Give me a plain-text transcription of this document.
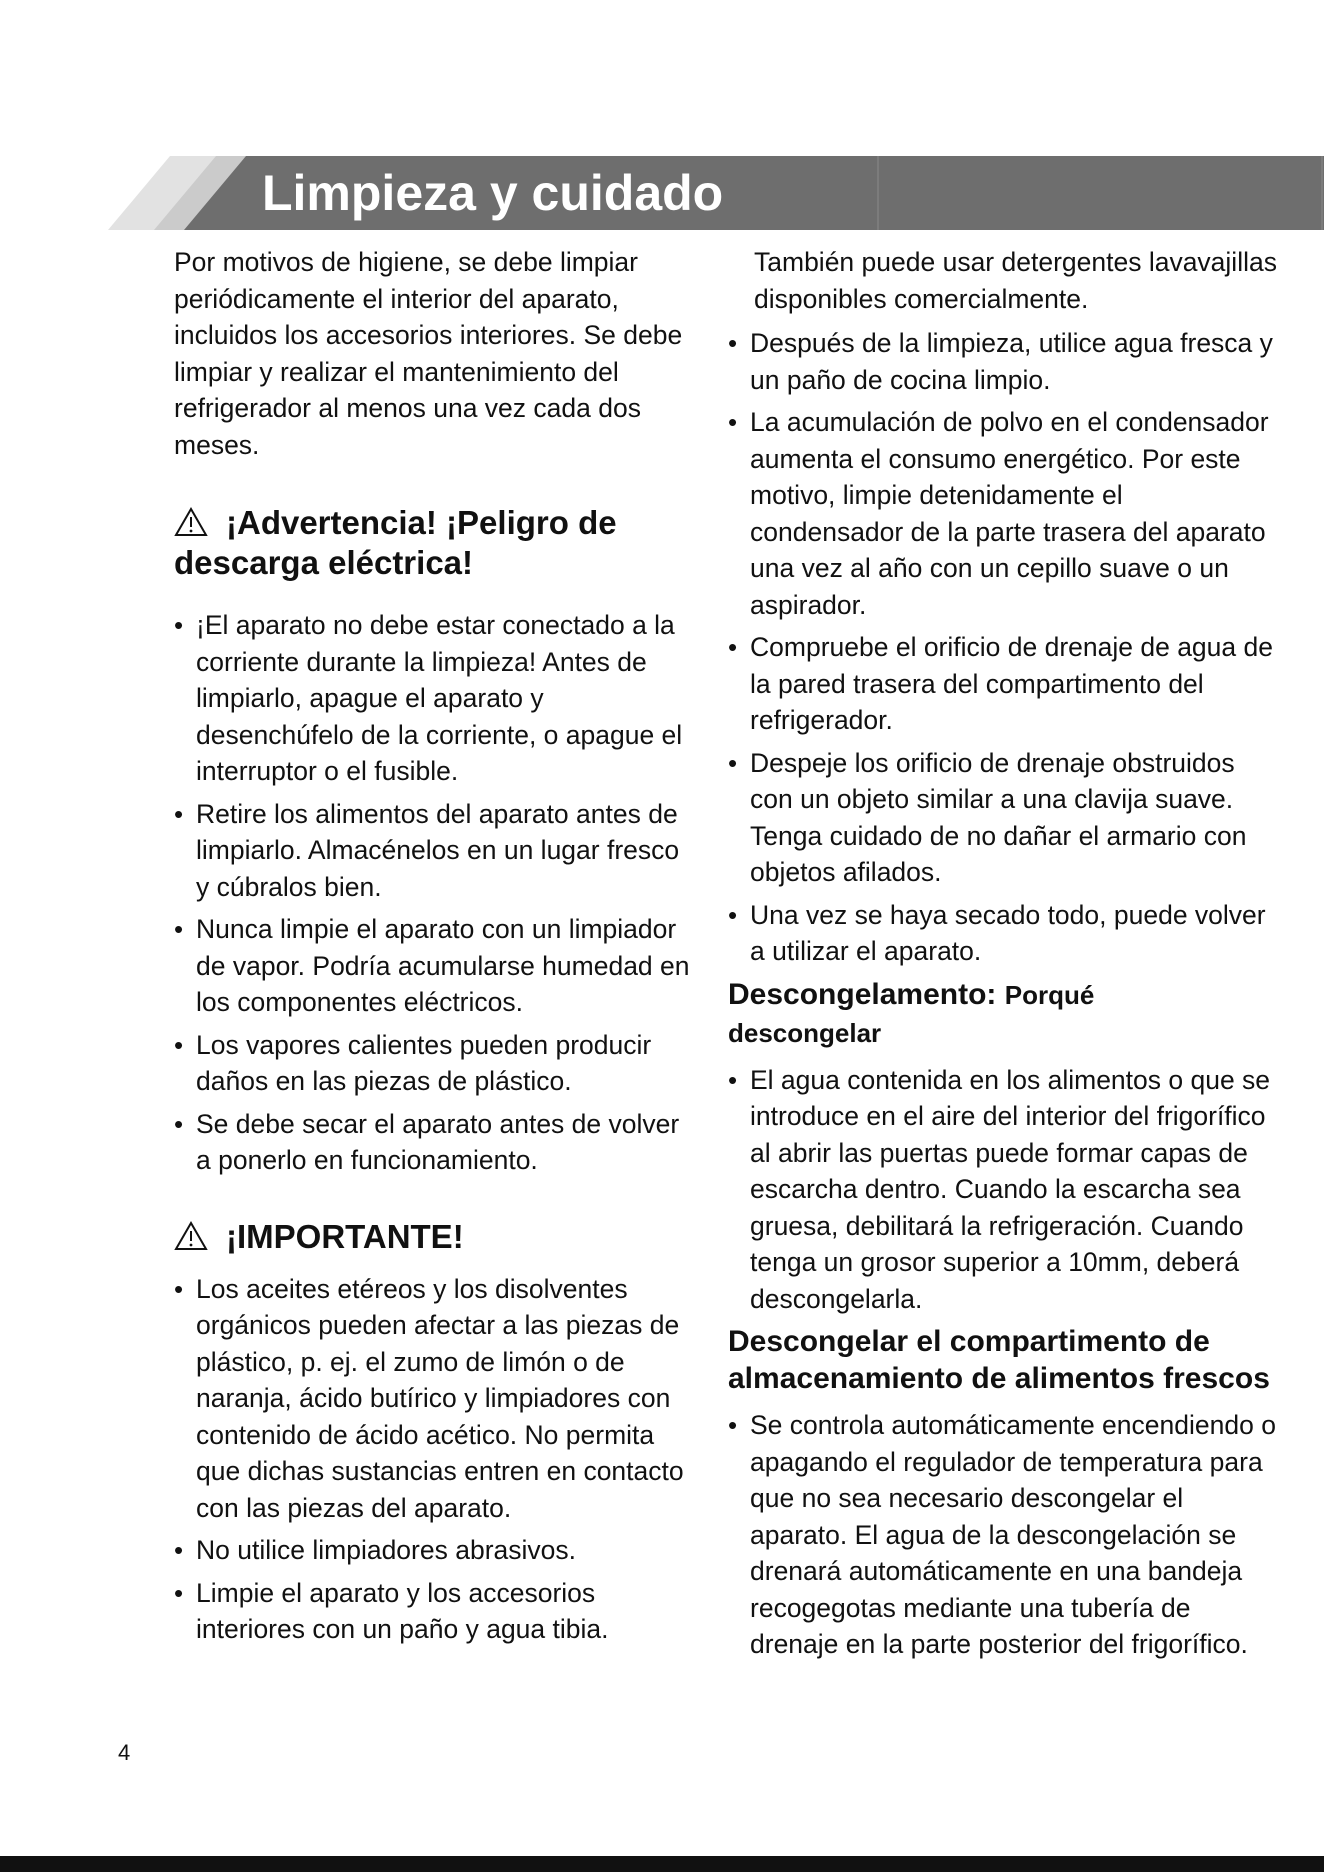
Limpieza y cuidado

Por motivos de higiene, se debe limpiar periódicamente el interior del aparato, incluidos los accesorios interiores. Se debe limpiar y realizar el mantenimiento del refrigerador al menos una vez cada dos meses.

¡Advertencia! ¡Peligro de descarga eléctrica!
• ¡El aparato no debe estar conectado a la corriente durante la limpieza! Antes de limpiarlo, apague el aparato y desenchúfelo de la corriente, o apague el interruptor o el fusible.
• Retire los alimentos del aparato antes de limpiarlo. Almacénelos en un lugar fresco y cúbralos bien.
• Nunca limpie el aparato con un limpiador de vapor. Podría acumularse humedad en los componentes eléctricos.
• Los vapores calientes pueden producir daños en las piezas de plástico.
• Se debe secar el aparato antes de volver a ponerlo en funcionamiento.
¡IMPORTANTE!
• Los aceites etéreos y los disolventes orgánicos pueden afectar a las piezas de plástico, p. ej. el zumo de limón o de naranja, ácido butírico y limpiadores con contenido de ácido acético. No permita que dichas sustancias entren en contacto con las piezas del aparato.
• No utilice limpiadores abrasivos.
• Limpie el aparato y los accesorios interiores con un paño y agua tibia.

También puede usar detergentes lavavajillas disponibles comercialmente.

• Después de la limpieza, utilice agua fresca y un paño de cocina limpio.
• La acumulación de polvo en el condensador aumenta el consumo energético. Por este motivo, limpie detenidamente el condensador de la parte trasera del aparato una vez al año con un cepillo suave o un aspirador.
• Compruebe el orificio de drenaje de agua de la pared trasera del compartimento del refrigerador.
• Despeje los orificio de drenaje obstruidos con un objeto similar a una clavija suave. Tenga cuidado de no dañar el armario con objetos afilados.
• Una vez se haya secado todo, puede volver a utilizar el aparato.
Descongelamento: Porqué
descongelar
• El agua contenida en los alimentos o que se introduce en el aire del interior del frigorífico al abrir las puertas puede formar capas de escarcha dentro. Cuando la escarcha sea gruesa, debilitará la refrigeración. Cuando tenga un grosor superior a 10mm, deberá descongelarla.
Descongelar el compartimento de almacenamiento de alimentos frescos
• Se controla automáticamente encendiendo o apagando el regulador de temperatura para que no sea necesario descongelar el aparato. El agua de la descongelación se drenará automáticamente en una bandeja recogegotas mediante una tubería de drenaje en la parte posterior del frigorífico.
4
